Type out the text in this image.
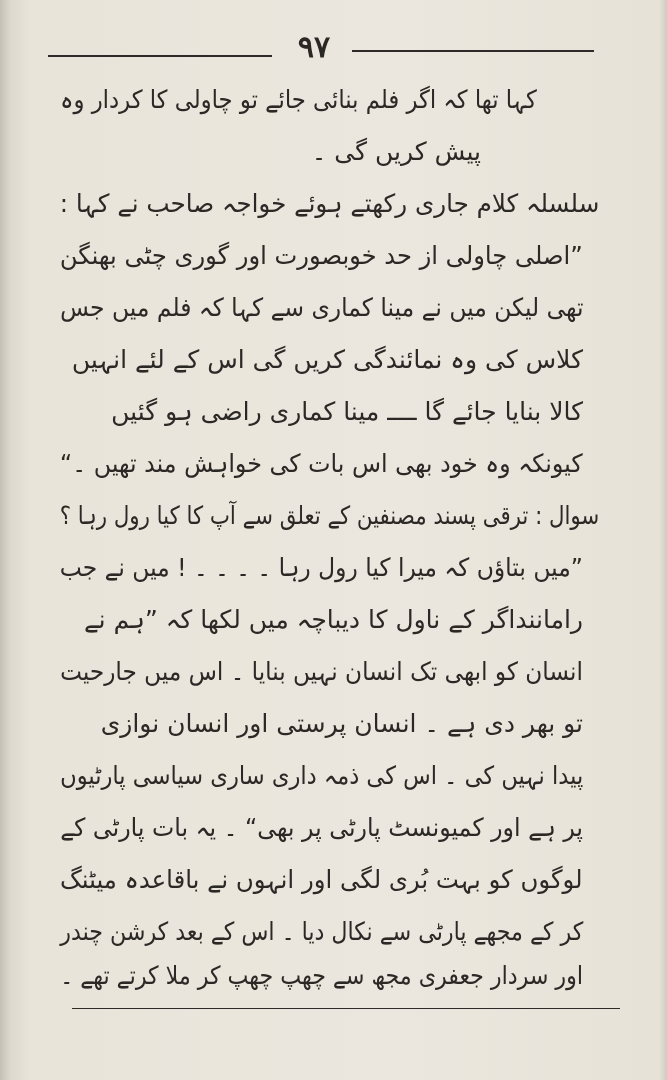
۹۷
کہا تھا کہ اگر فلم بنائی جائے تو چاولی کا کردار وہ
پیش کریں گی ۔
سلسلہ کلام جاری رکھتے ہوئے خواجہ صاحب نے کہا :
”اصلی چاولی از حد خوبصورت اور گوری چٹی بھنگن
تھی لیکن میں نے مینا کماری سے کہا کہ فلم میں جس
کلاس کی وہ نمائندگی کریں گی اس کے لئے انہیں
کالا بنایا جائے گا ــــ مینا کماری راضی ہو گئیں
کیونکہ وہ خود بھی اس بات کی خواہش مند تھیں ۔“
سوال : ترقی پسند مصنفین کے تعلق سے آپ کا کیا رول رہا ؟
”میں بتاؤں کہ میرا کیا رول رہا ۔ ۔ ۔ ۔ ! میں نے جب
راماننداگر کے ناول کا دیباچہ میں لکھا کہ ”ہم نے
انسان کو ابھی تک انسان نہیں بنایا ۔ اس میں جارحیت
تو بھر دی ہے ۔ انسان پرستی اور انسان نوازی
پیدا نہیں کی ۔ اس کی ذمہ داری ساری سیاسی پارٹیوں
پر ہے اور کمیونسٹ پارٹی پر بھی“ ۔ یہ بات پارٹی کے
لوگوں کو بہت بُری لگی اور انہوں نے باقاعدہ میٹنگ
کر کے مجھے پارٹی سے نکال دیا ۔ اس کے بعد کرشن چندر
اور سردار جعفری مجھ سے چھپ چھپ کر ملا کرتے تھے ۔
